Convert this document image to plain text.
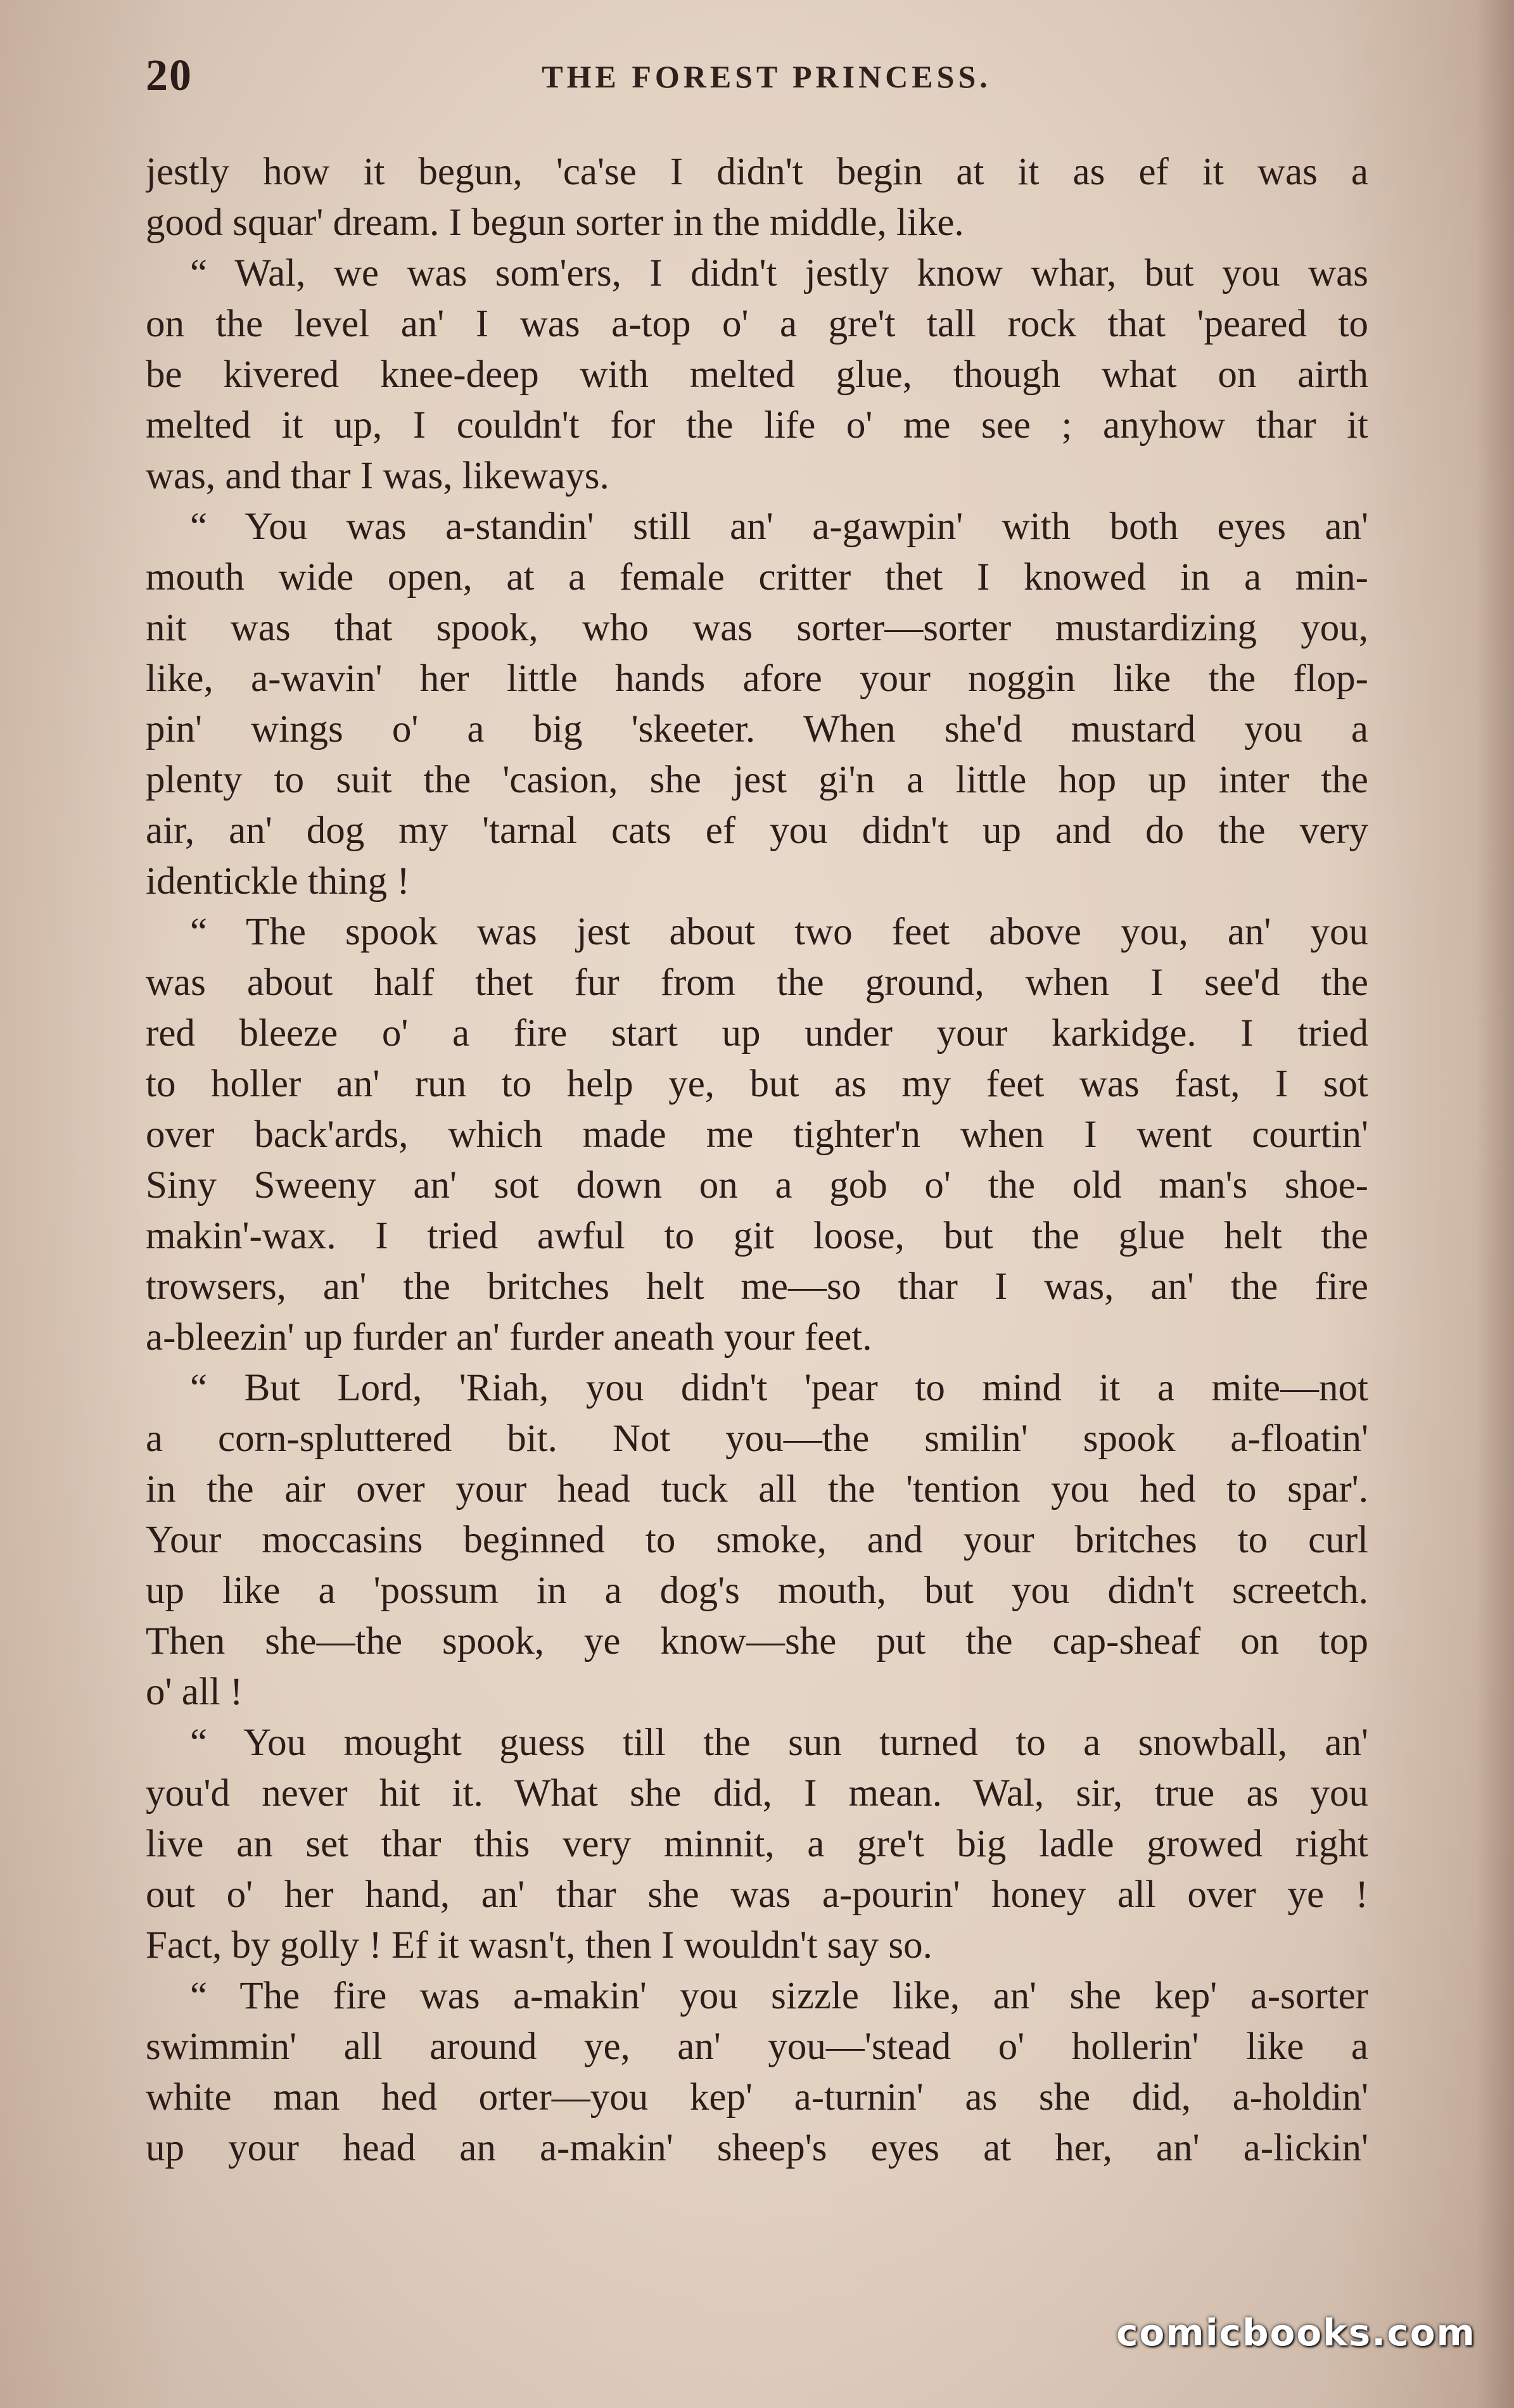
20	THE FOREST PRINCESS.
jestly how it begun, 'ca'se I didn't begin at it as ef it was a
good squar' dream. I begun sorter in the middle, like.
“ Wal, we was som'ers, I didn't jestly know whar, but you was
on the level an' I was a-top o' a gre't tall rock that 'peared to
be kivered knee-deep with melted glue, though what on airth
melted it up, I couldn't for the life o' me see ; anyhow thar it
was, and thar I was, likeways.
“ You was a-standin' still an' a-gawpin' with both eyes an'
mouth wide open, at a female critter thet I knowed in a min-
nit was that spook, who was sorter—sorter mustardizing you,
like, a-wavin' her little hands afore your noggin like the flop-
pin' wings o' a big 'skeeter. When she'd mustard you a
plenty to suit the 'casion, she jest gi'n a little hop up inter the
air, an' dog my 'tarnal cats ef you didn't up and do the very
identickle thing !
“ The spook was jest about two feet above you, an' you
was about half thet fur from the ground, when I see'd the
red bleeze o' a fire start up under your karkidge. I tried
to holler an' run to help ye, but as my feet was fast, I sot
over back'ards, which made me tighter'n when I went courtin'
Siny Sweeny an' sot down on a gob o' the old man's shoe-
makin'-wax. I tried awful to git loose, but the glue helt the
trowsers, an' the britches helt me—so thar I was, an' the fire
a-bleezin' up furder an' furder aneath your feet.
“ But Lord, 'Riah, you didn't 'pear to mind it a mite—not
a corn-spluttered bit. Not you—the smilin' spook a-floatin'
in the air over your head tuck all the 'tention you hed to spar'.
Your moccasins beginned to smoke, and your britches to curl
up like a 'possum in a dog's mouth, but you didn't screetch.
Then she—the spook, ye know—she put the cap-sheaf on top
o' all !
“ You mought guess till the sun turned to a snowball, an'
you'd never hit it. What she did, I mean. Wal, sir, true as you
live an set thar this very minnit, a gre't big ladle growed right
out o' her hand, an' thar she was a-pourin' honey all over ye !
Fact, by golly ! Ef it wasn't, then I wouldn't say so.
“ The fire was a-makin' you sizzle like, an' she kep' a-sorter
swimmin' all around ye, an' you—'stead o' hollerin' like a
white man hed orter—you kep' a-turnin' as she did, a-holdin'
up your head an a-makin' sheep's eyes at her, an' a-lickin'
comicbooks.com
